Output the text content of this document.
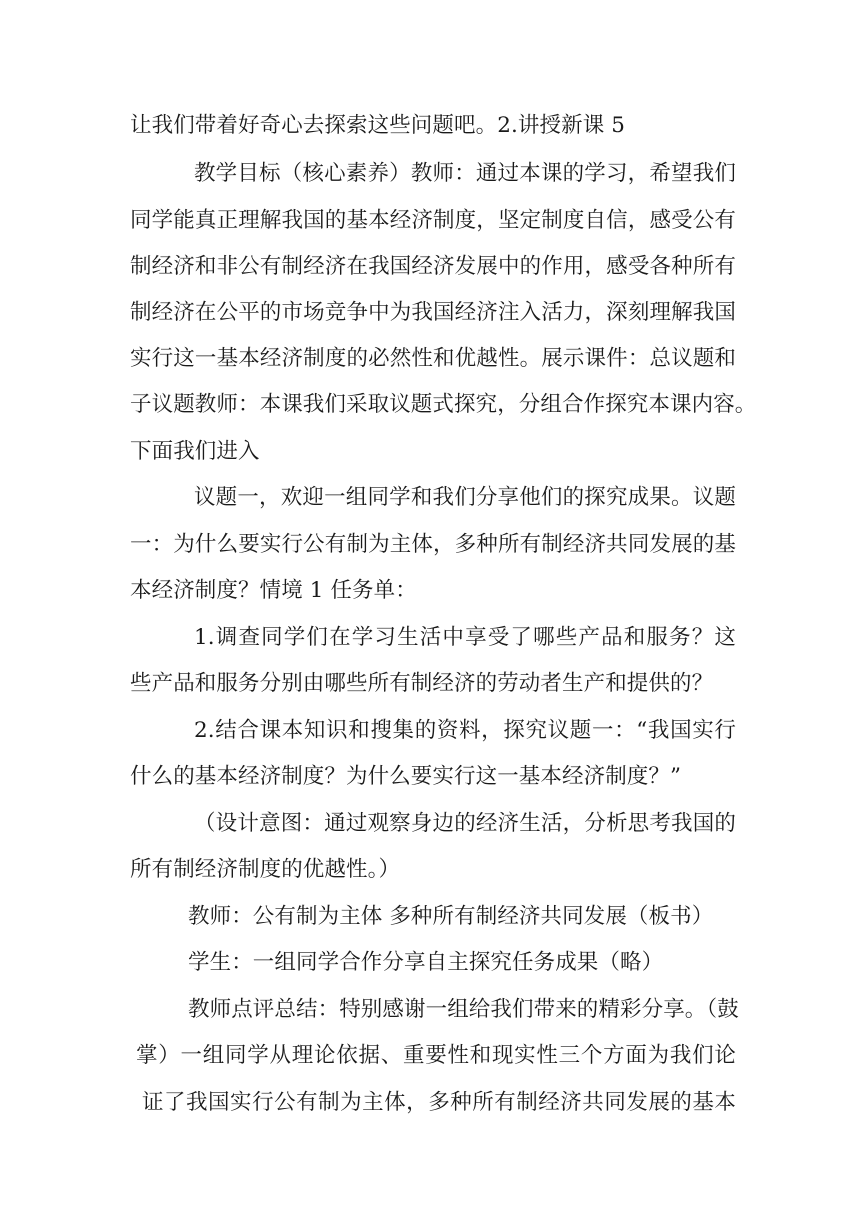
让我们带着好奇心去探索这些问题吧。2.讲授新课 5
教学目标（核心素养）教师：通过本课的学习，希望我们
同学能真正理解我国的基本经济制度，坚定制度自信，感受公有
制经济和非公有制经济在我国经济发展中的作用，感受各种所有
制经济在公平的市场竞争中为我国经济注入活力，深刻理解我国
实行这一基本经济制度的必然性和优越性。展示课件：总议题和
子议题教师：本课我们采取议题式探究，分组合作探究本课内容。
下面我们进入
议题一，欢迎一组同学和我们分享他们的探究成果。议题
一：为什么要实行公有制为主体，多种所有制经济共同发展的基
本经济制度？情境 1 任务单：
1.调查同学们在学习生活中享受了哪些产品和服务？这
些产品和服务分别由哪些所有制经济的劳动者生产和提供的？
2.结合课本知识和搜集的资料，探究议题一：“我国实行
什么的基本经济制度？为什么要实行这一基本经济制度？”
（设计意图：通过观察身边的经济生活，分析思考我国的
所有制经济制度的优越性。）
教师：公有制为主体 多种所有制经济共同发展（板书）
学生：一组同学合作分享自主探究任务成果（略）
教师点评总结：特别感谢一组给我们带来的精彩分享。（鼓
掌）一组同学从理论依据、重要性和现实性三个方面为我们论
证了我国实行公有制为主体，多种所有制经济共同发展的基本
